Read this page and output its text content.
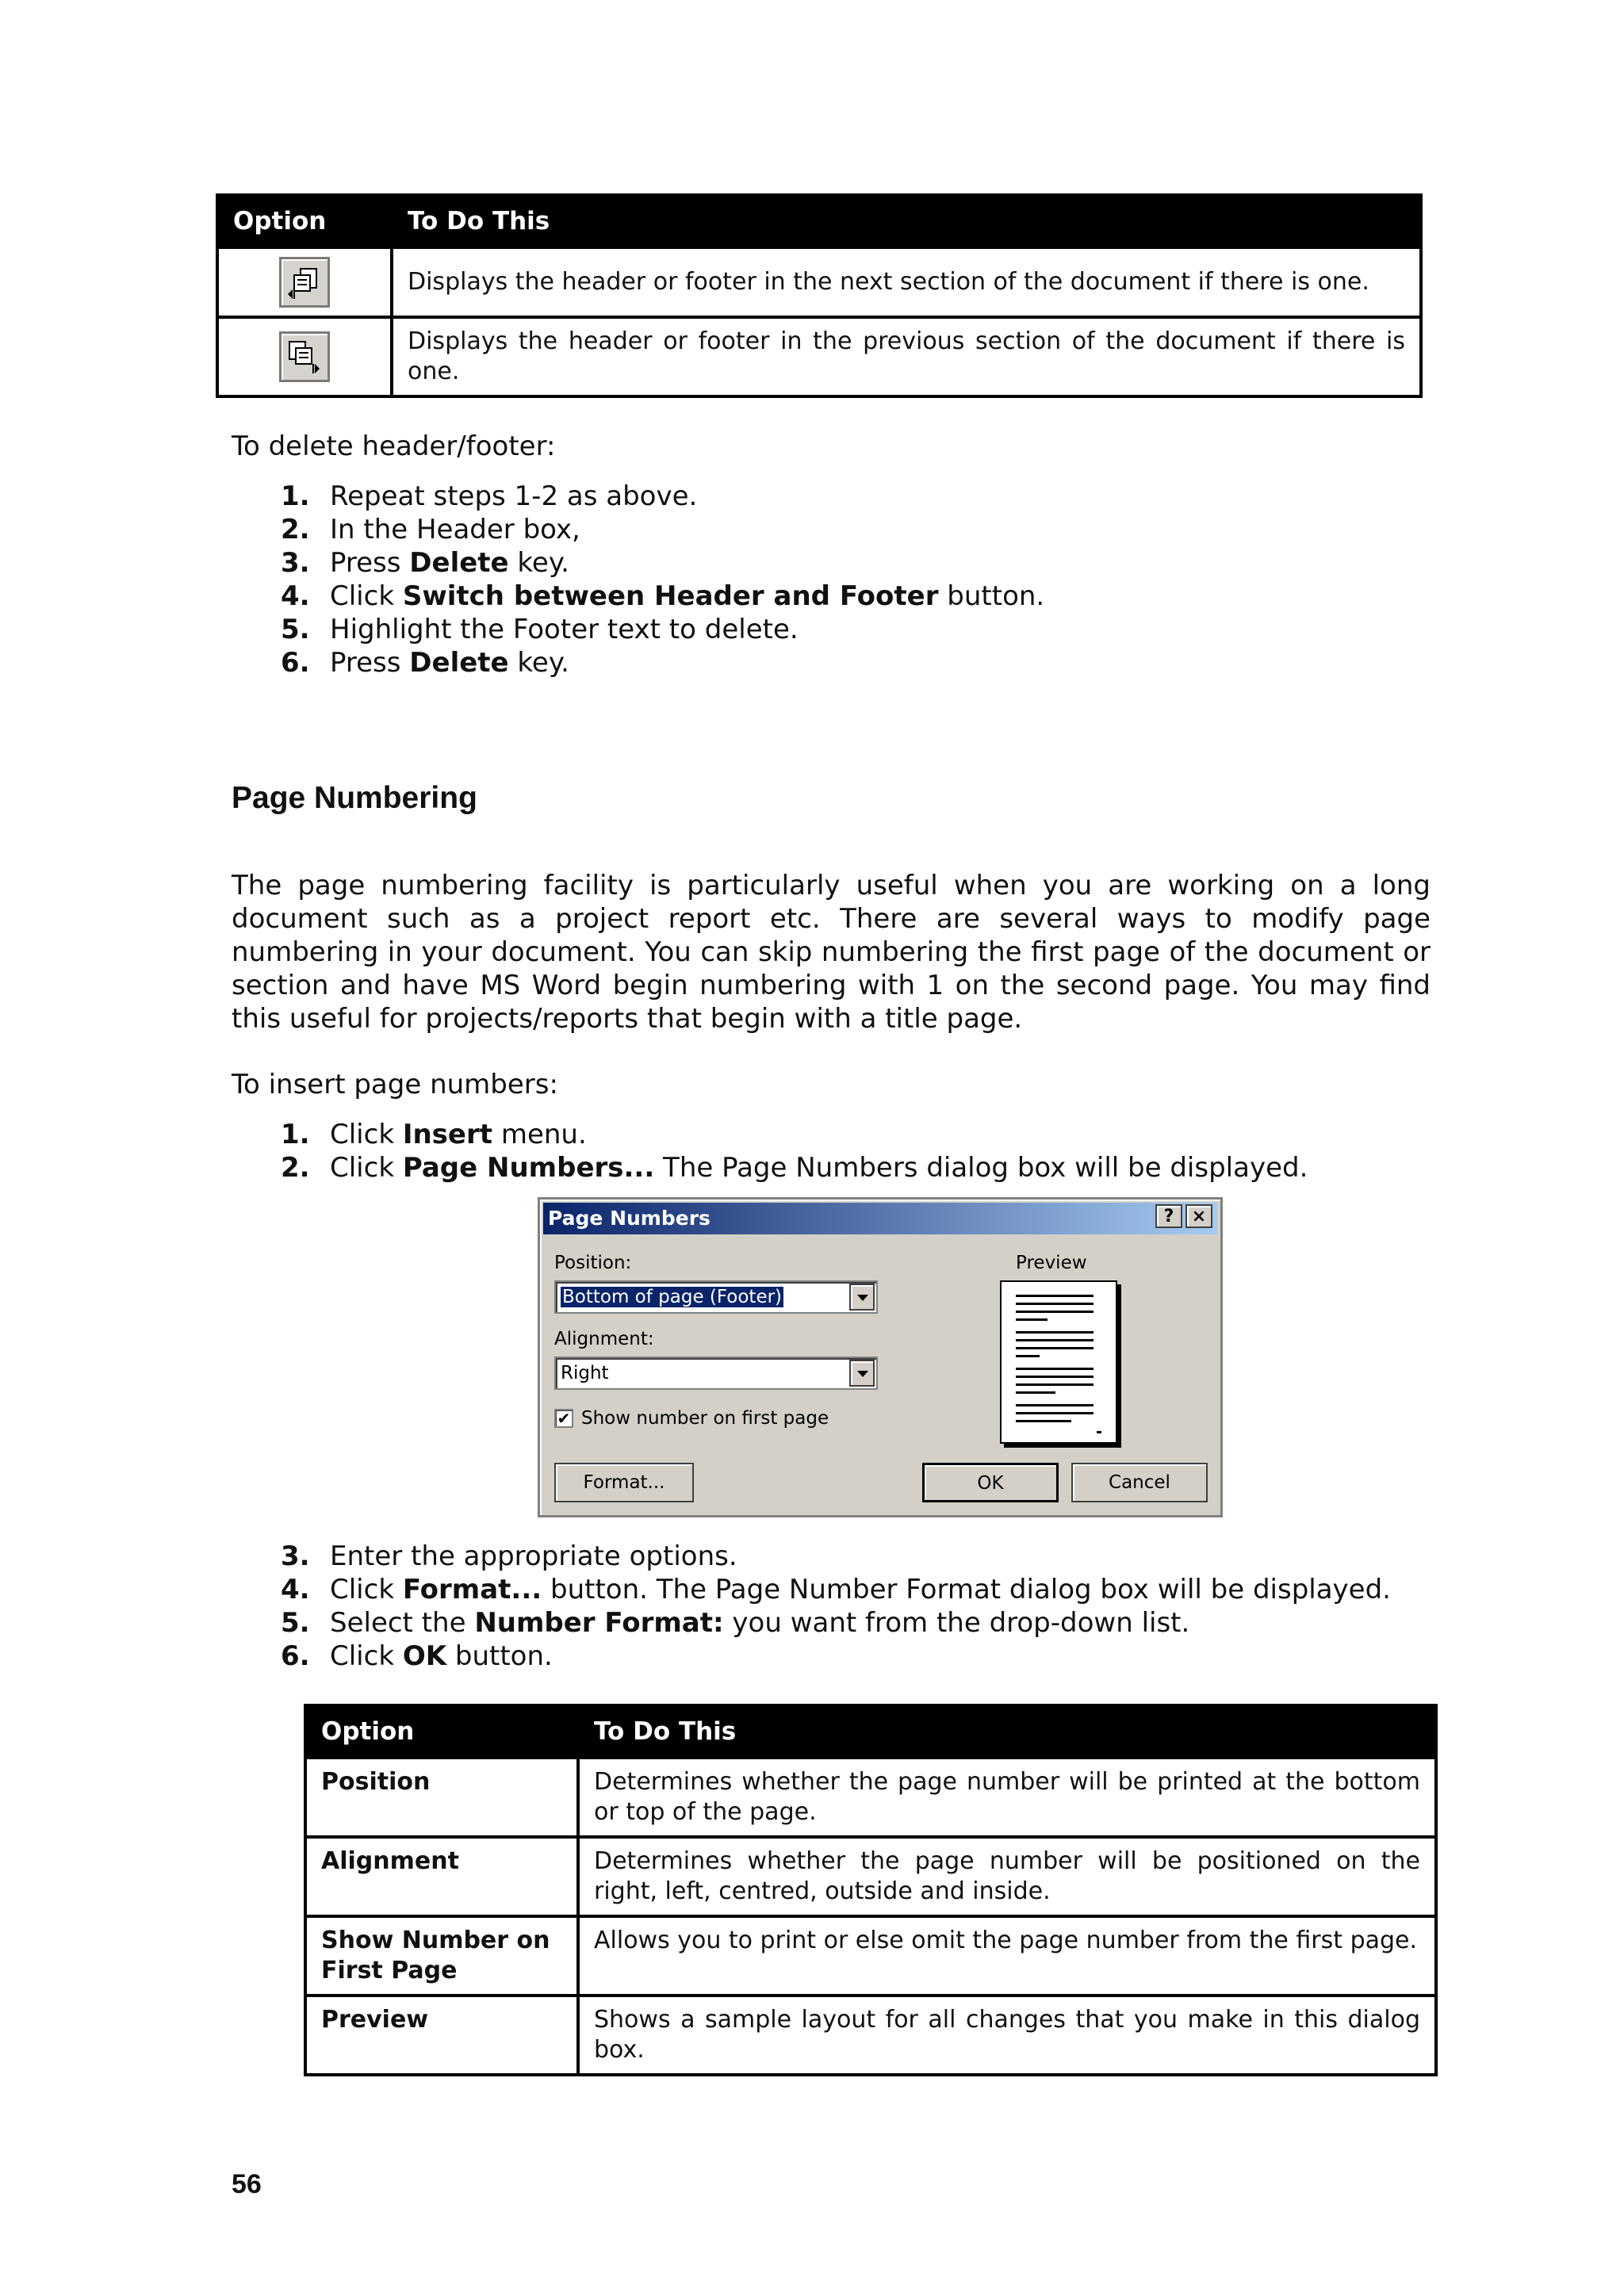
Option	To Do This
	Displays the header or footer in the next section of the document if there is one.
	Displays the header or footer in the previous section of the document if there is one.
To delete header/footer:
1. Repeat steps 1-2 as above.
2. In the Header box,
3. Press Delete key.
4. Click Switch between Header and Footer button.
5. Highlight the Footer text to delete.
6. Press Delete key.
Page Numbering
The page numbering facility is particularly useful when you are working on a long document such as a project report etc. There are several ways to modify page numbering in your document. You can skip numbering the first page of the document or section and have MS Word begin numbering with 1 on the second page. You may find this useful for projects/reports that begin with a title page.
To insert page numbers:
1. Click Insert menu.
2. Click Page Numbers... The Page Numbers dialog box will be displayed.
Page Numbers	?	×
Position:
Bottom of page (Footer)
Alignment:
Right
✔ Show number on first page
Preview
Format...	OK	Cancel
3. Enter the appropriate options.
4. Click Format... button. The Page Number Format dialog box will be displayed.
5. Select the Number Format: you want from the drop-down list.
6. Click OK button.
Option	To Do This
Position	Determines whether the page number will be printed at the bottom or top of the page.
Alignment	Determines whether the page number will be positioned on the right, left, centred, outside and inside.
Show Number on First Page	Allows you to print or else omit the page number from the first page.
Preview	Shows a sample layout for all changes that you make in this dialog box.
56
